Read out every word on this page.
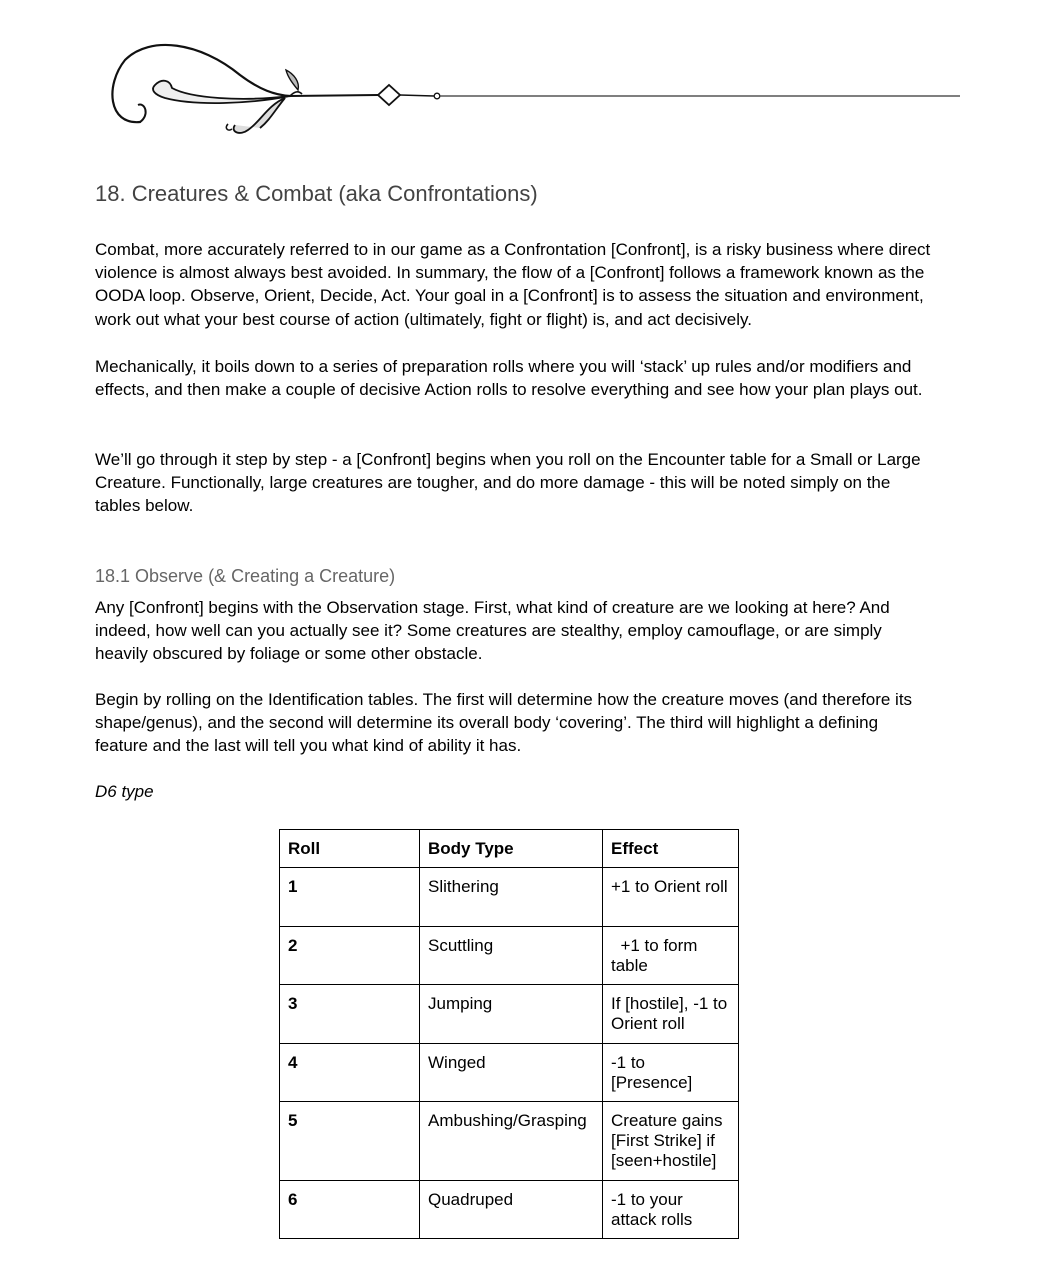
18. Creatures & Combat (aka Confrontations)

Combat, more accurately referred to in our game as a Confrontation [Confront], is a risky business where direct violence is almost always best avoided. In summary, the flow of a [Confront] follows a framework known as the OODA loop. Observe, Orient, Decide, Act. Your goal in a [Confront] is to assess the situation and environment, work out what your best course of action (ultimately, fight or flight) is, and act decisively.

Mechanically, it boils down to a series of preparation rolls where you will ‘stack’ up rules and/or modifiers and effects, and then make a couple of decisive Action rolls to resolve everything and see how your plan plays out.

We’ll go through it step by step - a [Confront] begins when you roll on the Encounter table for a Small or Large Creature. Functionally, large creatures are tougher, and do more damage - this will be noted simply on the tables below.

18.1 Observe (& Creating a Creature)

Any [Confront] begins with the Observation stage. First, what kind of creature are we looking at here? And indeed, how well can you actually see it? Some creatures are stealthy, employ camouflage, or are simply heavily obscured by foliage or some other obstacle.

Begin by rolling on the Identification tables. The first will determine how the creature moves (and therefore its shape/genus), and the second will determine its overall body ‘covering’. The third will highlight a defining feature and the last will tell you what kind of ability it has.

D6 type

Roll	Body Type	Effect
1	Slithering	+1 to Orient roll
2	Scuttling	+1 to form table
3	Jumping	If [hostile], -1 to Orient roll
4	Winged	-1 to [Presence]
5	Ambushing/Grasping	Creature gains [First Strike] if [seen+hostile]
6	Quadruped	-1 to your attack rolls
